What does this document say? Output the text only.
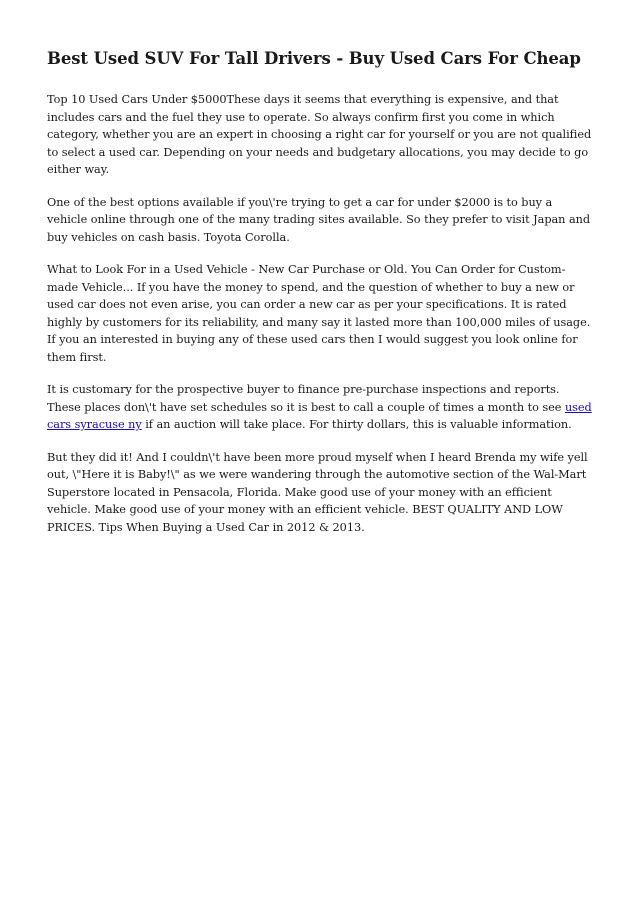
Best Used SUV For Tall Drivers - Buy Used Cars For Cheap

Top 10 Used Cars Under $5000These days it seems that everything is expensive, and that includes cars and the fuel they use to operate. So always confirm first you come in which category, whether you are an expert in choosing a right car for yourself or you are not qualified to select a used car. Depending on your needs and budgetary allocations, you may decide to go either way.

One of the best options available if you\'re trying to get a car for under $2000 is to buy a vehicle online through one of the many trading sites available. So they prefer to visit Japan and buy vehicles on cash basis. Toyota Corolla.

What to Look For in a Used Vehicle - New Car Purchase or Old. You Can Order for Custom-made Vehicle... If you have the money to spend, and the question of whether to buy a new or used car does not even arise, you can order a new car as per your specifications. It is rated highly by customers for its reliability, and many say it lasted more than 100,000 miles of usage. If you an interested in buying any of these used cars then I would suggest you look online for them first.

It is customary for the prospective buyer to finance pre-purchase inspections and reports. These places don\'t have set schedules so it is best to call a couple of times a month to see used cars syracuse ny if an auction will take place. For thirty dollars, this is valuable information.

But they did it! And I couldn\'t have been more proud myself when I heard Brenda my wife yell out, \"Here it is Baby!\" as we were wandering through the automotive section of the Wal-Mart Superstore located in Pensacola, Florida. Make good use of your money with an efficient vehicle. Make good use of your money with an efficient vehicle. BEST QUALITY AND LOW PRICES. Tips When Buying a Used Car in 2012 & 2013.
